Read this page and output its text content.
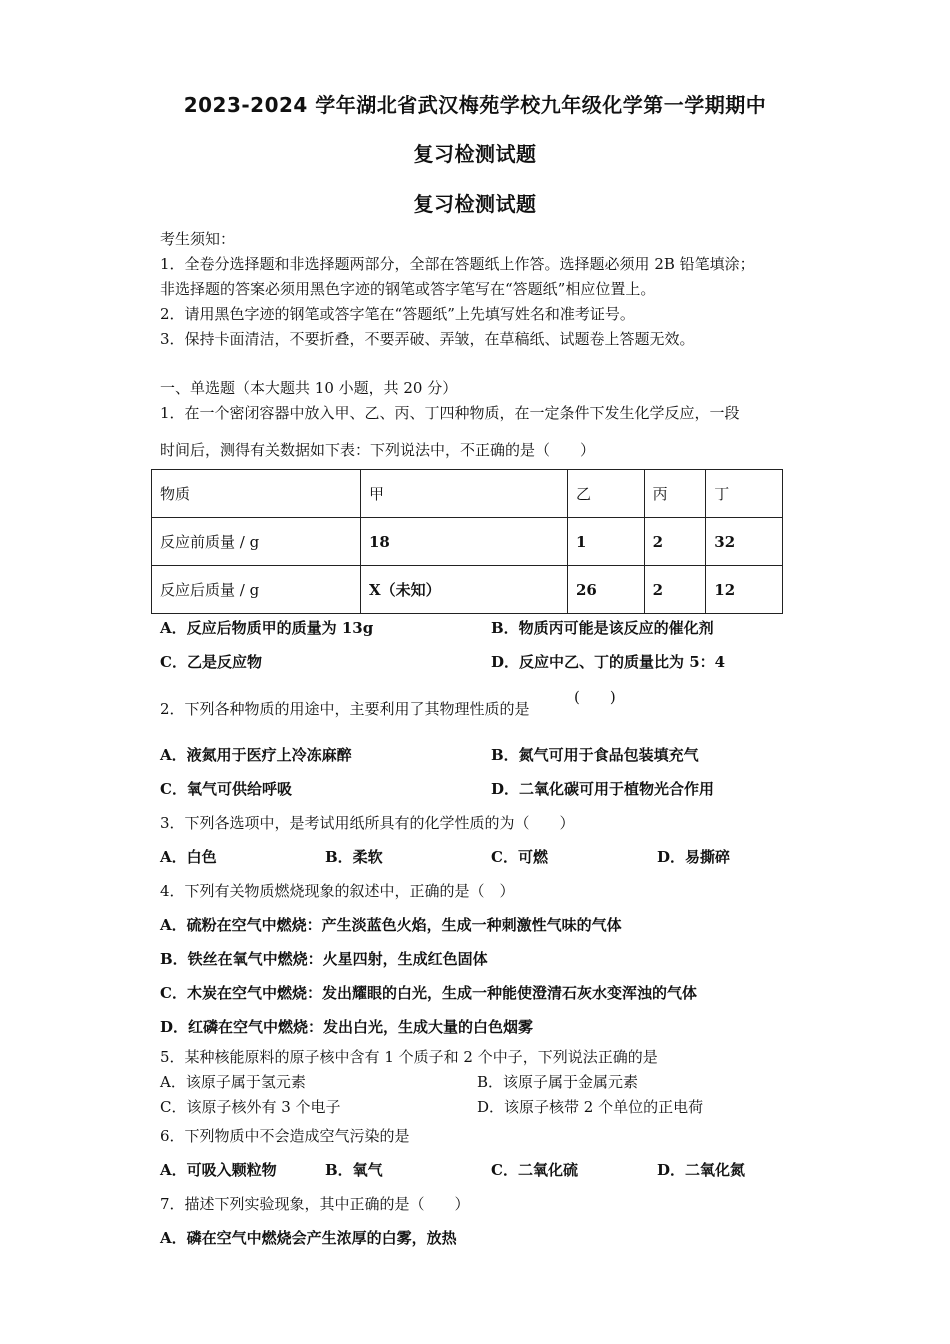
2023-2024 学年湖北省武汉梅苑学校九年级化学第一学期期中
复习检测试题
复习检测试题
考生须知：
1．全卷分选择题和非选择题两部分，全部在答题纸上作答。选择题必须用 2B 铅笔填涂；
非选择题的答案必须用黑色字迹的钢笔或答字笔写在“答题纸”相应位置上。
2．请用黑色字迹的钢笔或答字笔在“答题纸”上先填写姓名和准考证号。
3．保持卡面清洁，不要折叠，不要弄破、弄皱，在草稿纸、试题卷上答题无效。
一、单选题（本大题共 10 小题，共 20 分）
1．在一个密闭容器中放入甲、乙、丙、丁四种物质，在一定条件下发生化学反应，一段
时间后，测得有关数据如下表：下列说法中，不正确的是（　　）
物质	甲	乙	丙	丁
反应前质量 / g	18	1	2	32
反应后质量 / g	X（未知）	26	2	12
A．反应后物质甲的质量为 13g	B．物质丙可能是该反应的催化剂
C．乙是反应物	D．反应中乙、丁的质量比为 5：4
2．下列各种物质的用途中，主要利用了其物理性质的是
(　　)
A．液氮用于医疗上冷冻麻醉	B．氮气可用于食品包装填充气
C．氧气可供给呼吸	D．二氧化碳可用于植物光合作用
3．下列各选项中，是考试用纸所具有的化学性质的为（　　）
A．白色	B．柔软	C．可燃	D．易撕碎
4．下列有关物质燃烧现象的叙述中，正确的是（　）
A．硫粉在空气中燃烧：产生淡蓝色火焰，生成一种刺激性气味的气体
B．铁丝在氧气中燃烧：火星四射，生成红色固体
C．木炭在空气中燃烧：发出耀眼的白光，生成一种能使澄清石灰水变浑浊的气体
D．红磷在空气中燃烧：发出白光，生成大量的白色烟雾
5．某种核能原料的原子核中含有 1 个质子和 2 个中子，下列说法正确的是
A．该原子属于氢元素	B．该原子属于金属元素
C．该原子核外有 3 个电子	D．该原子核带 2 个单位的正电荷
6．下列物质中不会造成空气污染的是
A．可吸入颗粒物	B．氧气	C．二氧化硫	D．二氧化氮
7．描述下列实验现象，其中正确的是（　　）
A．磷在空气中燃烧会产生浓厚的白雾，放热
